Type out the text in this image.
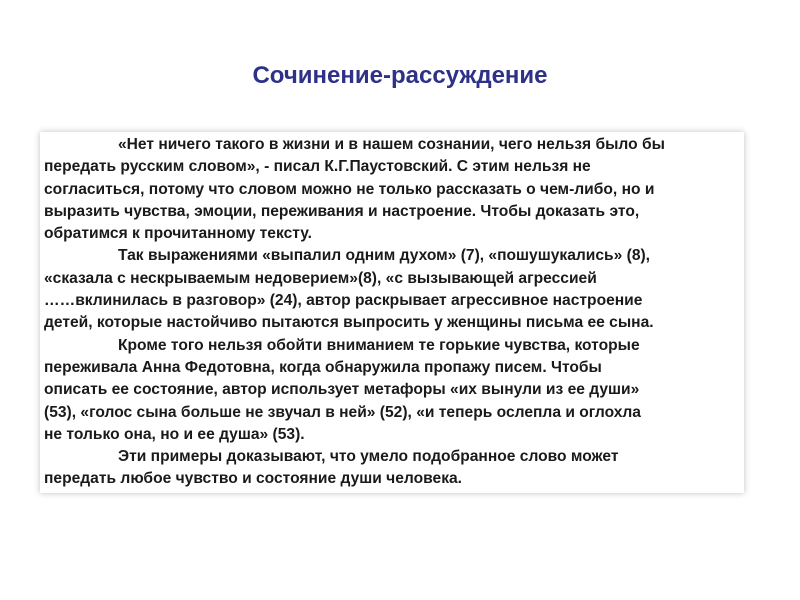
Сочинение-рассуждение
«Нет ничего такого в жизни и в нашем сознании, чего нельзя было бы
передать русским словом», - писал К.Г.Паустовский. С этим нельзя не
согласиться, потому что словом можно не только рассказать о чем-либо, но и
выразить чувства, эмоции, переживания и настроение. Чтобы доказать это,
обратимся к прочитанному тексту.
Так выражениями «выпалил одним духом» (7), «пошушукались» (8),
«сказала с нескрываемым недоверием»(8), «с вызывающей агрессией
……вклинилась в разговор» (24), автор раскрывает агрессивное настроение
детей, которые настойчиво пытаются выпросить у женщины письма ее сына.
Кроме того нельзя обойти вниманием те горькие чувства, которые
переживала Анна Федотовна, когда обнаружила пропажу писем. Чтобы
описать ее состояние, автор использует метафоры «их вынули из ее души»
(53), «голос сына больше не звучал в ней» (52), «и теперь ослепла и оглохла
не только она, но и ее душа» (53).
Эти примеры доказывают, что умело подобранное слово может
передать любое чувство и состояние души человека.
